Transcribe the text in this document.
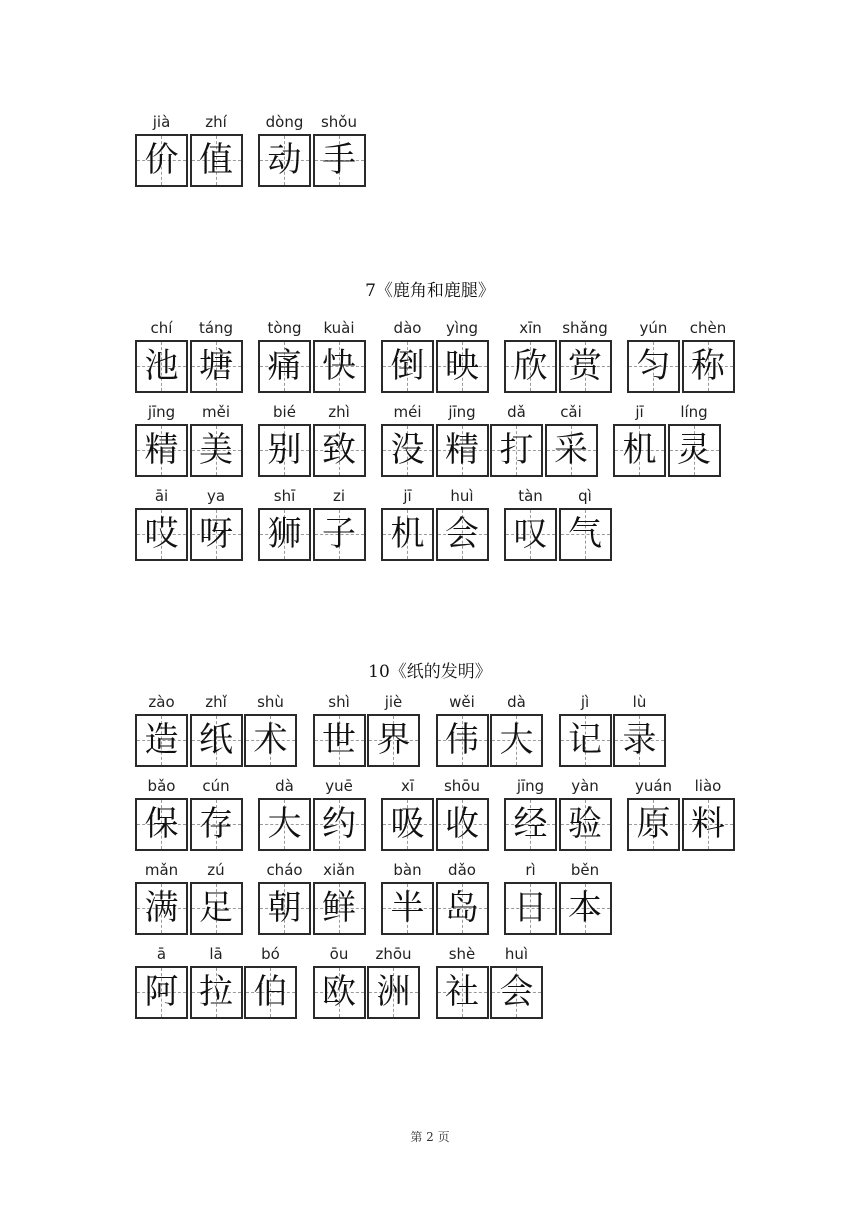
jià
价
zhí
值
dòng
动
shǒu
手
7《鹿角和鹿腿》
chí
池
táng
塘
tòng
痛
kuài
快
dào
倒
yìng
映
xīn
欣
shǎng
赏
yún
匀
chèn
称
jīng
精
měi
美
bié
别
zhì
致
méi
没
jīng
精
dǎ
打
cǎi
采
jī
机
líng
灵
āi
哎
ya
呀
shī
狮
zi
子
jī
机
huì
会
tàn
叹
qì
气
10《纸的发明》
zào
造
zhǐ
纸
shù
术
shì
世
jiè
界
wěi
伟
dà
大
jì
记
lù
录
bǎo
保
cún
存
dà
大
yuē
约
xī
吸
shōu
收
jīng
经
yàn
验
yuán
原
liào
料
mǎn
满
zú
足
cháo
朝
xiǎn
鲜
bàn
半
dǎo
岛
rì
日
běn
本
ā
阿
lā
拉
bó
伯
ōu
欧
zhōu
洲
shè
社
huì
会
第 2 页
